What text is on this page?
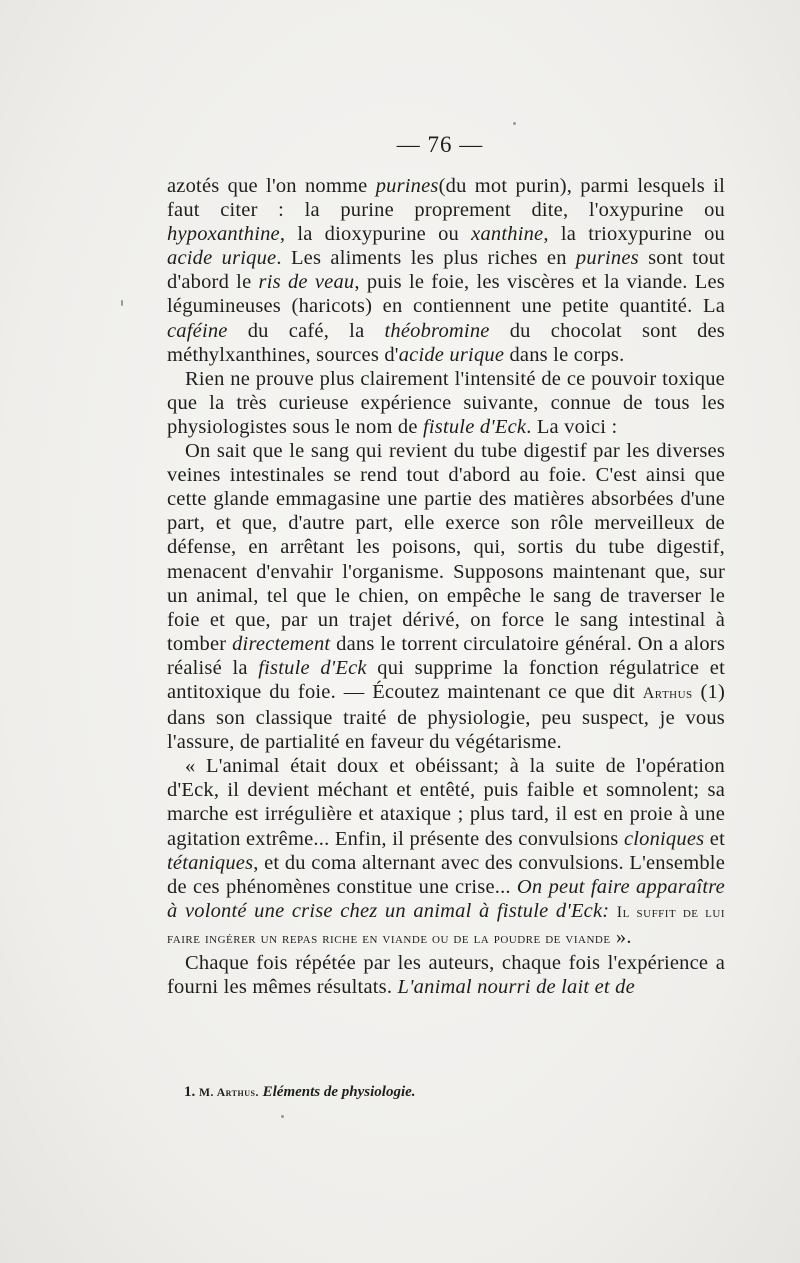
— 76 —

azotés que l'on nomme purines(du mot purin), parmi lesquels il faut citer : la purine proprement dite, l'oxypurine ou hypoxanthine, la dioxypurine ou xanthine, la trioxypurine ou acide urique. Les aliments les plus riches en purines sont tout d'abord le ris de veau, puis le foie, les viscères et la viande. Les légumineuses (haricots) en contiennent une petite quantité. La caféine du café, la théobromine du chocolat sont des méthylxanthines, sources d'acide urique dans le corps.

Rien ne prouve plus clairement l'intensité de ce pouvoir toxique que la très curieuse expérience suivante, connue de tous les physiologistes sous le nom de fistule d'Eck. La voici :

On sait que le sang qui revient du tube digestif par les diverses veines intestinales se rend tout d'abord au foie. C'est ainsi que cette glande emmagasine une partie des matières absorbées d'une part, et que, d'autre part, elle exerce son rôle merveilleux de défense, en arrêtant les poisons, qui, sortis du tube digestif, menacent d'envahir l'organisme. Supposons maintenant que, sur un animal, tel que le chien, on empêche le sang de traverser le foie et que, par un trajet dérivé, on force le sang intestinal à tomber directement dans le torrent circulatoire général. On a alors réalisé la fistule d'Eck qui supprime la fonction régulatrice et antitoxique du foie. — Écoutez maintenant ce que dit Arthus (1) dans son classique traité de physiologie, peu suspect, je vous l'assure, de partialité en faveur du végétarisme.

« L'animal était doux et obéissant; à la suite de l'opération d'Eck, il devient méchant et entêté, puis faible et somnolent; sa marche est irrégulière et ataxique ; plus tard, il est en proie à une agitation extrême... Enfin, il présente des convulsions cloniques et tétaniques, et du coma alternant avec des convulsions. L'ensemble de ces phénomènes constitue une crise... On peut faire apparaître à volonté une crise chez un animal à fistule d'Eck: Il suffit de lui faire ingérer un repas riche en viande ou de la poudre de viande ».

Chaque fois répétée par les auteurs, chaque fois l'expérience a fourni les mêmes résultats. L'animal nourri de lait et de

1. M. Arthus. Eléments de physiologie.
